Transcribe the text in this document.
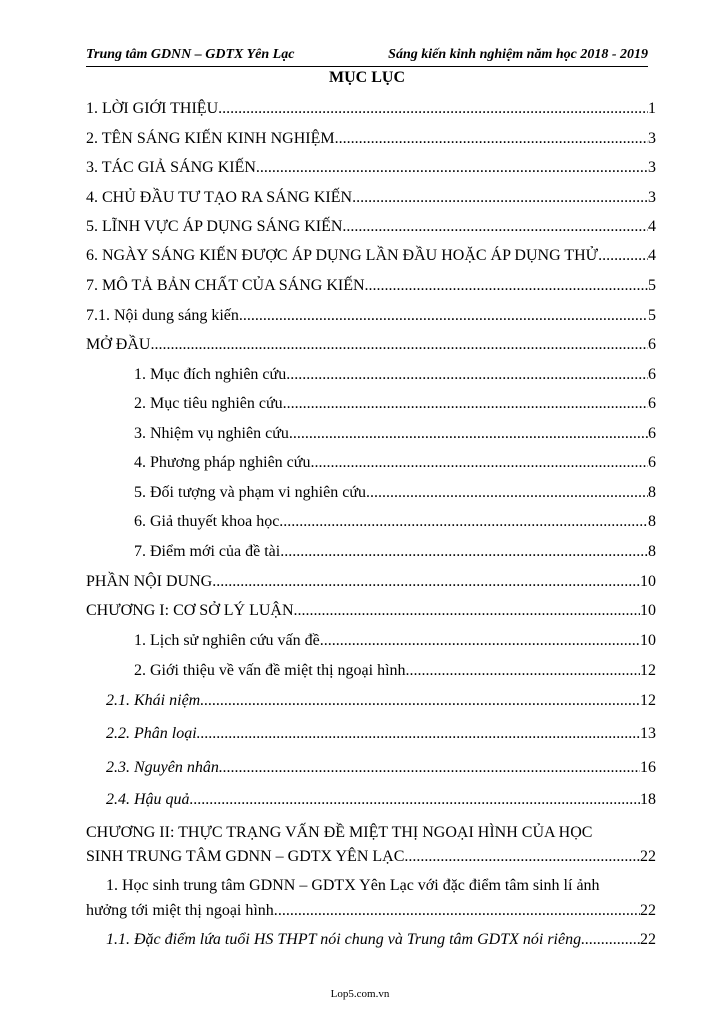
Trung tâm GDNN – GDTX Yên Lạc	Sáng kiến kinh nghiệm năm học 2018 - 2019
MỤC LỤC
1. LỜI GIỚI THIỆU .....	1
2. TÊN SÁNG KIẾN KINH NGHIỆM .....	3
3. TÁC GIẢ SÁNG KIẾN .....	3
4. CHỦ ĐẦU TƯ TẠO RA SÁNG KIẾN .....	3
5. LĨNH VỰC ÁP DỤNG SÁNG KIẾN .....	4
6. NGÀY SÁNG KIẾN ĐƯỢC ÁP DỤNG LẦN ĐẦU HOẶC ÁP DỤNG THỬ .....	4
7. MÔ TẢ BẢN CHẤT CỦA SÁNG KIẾN .....	5
7.1. Nội dung sáng kiến .....	5
MỞ ĐẦU .....	6
1. Mục đích nghiên cứu .....	6
2. Mục tiêu nghiên cứu .....	6
3. Nhiệm vụ nghiên cứu .....	6
4. Phương pháp nghiên cứu .....	6
5. Đối tượng và phạm vi nghiên cứu .....	8
6. Giả thuyết khoa học .....	8
7. Điểm mới của đề tài .....	8
PHẦN NỘI DUNG .....	10
CHƯƠNG I: CƠ SỞ LÝ LUẬN .....	10
1. Lịch sử nghiên cứu vấn đề .....	10
2. Giới thiệu về vấn đề miệt thị ngoại hình .....	12
2.1. Khái niệm .....	12
2.2. Phân loại .....	13
2.3. Nguyên nhân .....	16
2.4. Hậu quả .....	18
CHƯƠNG II: THỰC TRẠNG VẤN ĐỀ MIỆT THỊ NGOẠI HÌNH CỦA HỌC
SINH TRUNG TÂM GDNN – GDTX YÊN LẠC .....	22
1. Học sinh trung tâm GDNN – GDTX Yên Lạc với đặc điểm tâm sinh lí ảnh
hưởng tới miệt thị ngoại hình. .....	22
1.1. Đặc điểm lứa tuổi HS THPT nói chung và Trung tâm GDTX nói riêng .....	22
Lop5.com.vn
